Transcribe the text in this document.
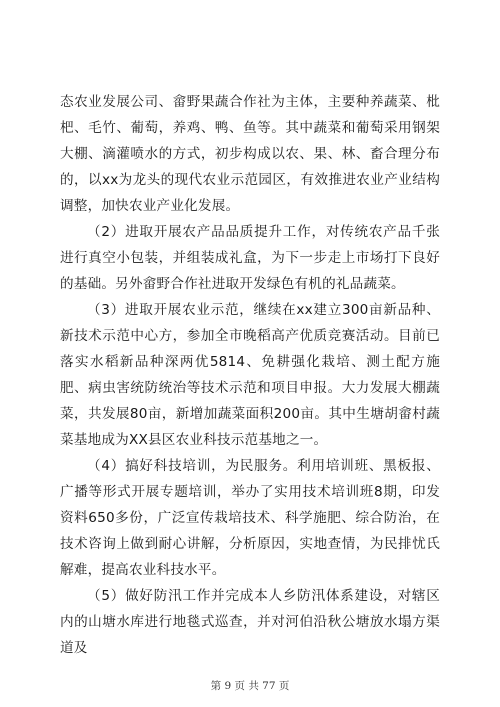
态农业发展公司、畲野果蔬合作社为主体，主要种养蔬菜、枇杷、毛竹、葡萄，养鸡、鸭、鱼等。其中蔬菜和葡萄采用钢架大棚、滴灌喷水的方式，初步构成以农、果、林、畜合理分布的，以xx为龙头的现代农业示范园区，有效推进农业产业结构调整，加快农业产业化发展。

（2）进取开展农产品品质提升工作，对传统农产品千张进行真空小包装，并组装成礼盒，为下一步走上市场打下良好的基础。另外畲野合作社进取开发绿色有机的礼品蔬菜。

（3）进取开展农业示范，继续在xx建立300亩新品种、新技术示范中心方，参加全市晚稻高产优质竞赛活动。目前已落实水稻新品种深两优5814、免耕强化栽培、测土配方施肥、病虫害统防统治等技术示范和项目申报。大力发展大棚蔬菜，共发展80亩，新增加蔬菜面积200亩。其中生塘胡畲村蔬菜基地成为XX县区农业科技示范基地之一。

（4）搞好科技培训，为民服务。利用培训班、黑板报、广播等形式开展专题培训，举办了实用技术培训班8期，印发资料650多份，广泛宣传栽培技术、科学施肥、综合防治，在技术咨询上做到耐心讲解，分析原因，实地查情，为民排忧氏解难，提高农业科技水平。

（5）做好防汛工作并完成本人乡防汛体系建设，对辖区内的山塘水库进行地毯式巡查，并对河伯沿秋公塘放水塌方渠道及

第 9 页 共 77 页
